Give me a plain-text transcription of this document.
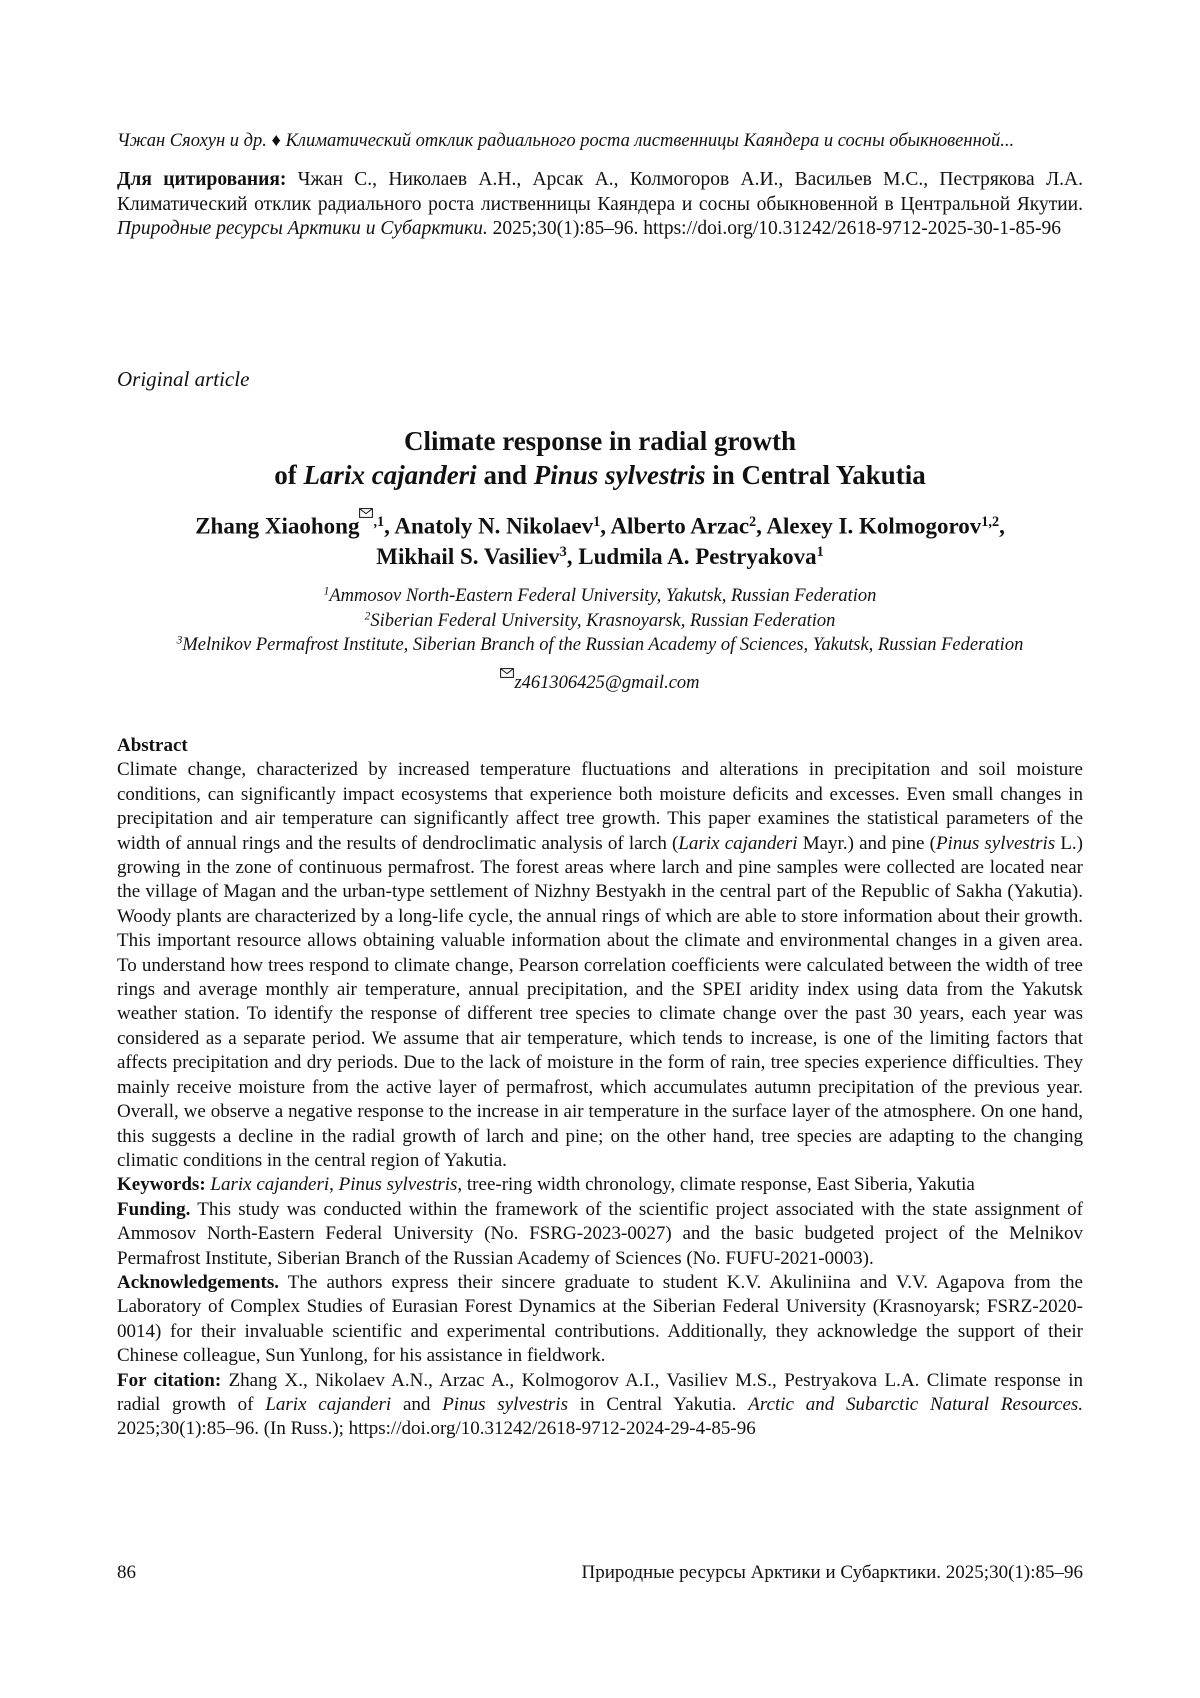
Чжан Сяохун и др. ♦ Климатический отклик радиального роста лиственницы Каяндера и сосны обыкновенной...
Для цитирования: Чжан С., Николаев А.Н., Арсак А., Колмогоров А.И., Васильев М.С., Пестрякова Л.А. Климатический отклик радиального роста лиственницы Каяндера и сосны обыкновенной в Центральной Якутии. Природные ресурсы Арктики и Субарктики. 2025;30(1):85–96. https://doi.org/10.31242/2618-9712-2025-30-1-85-96
Original article
Climate response in radial growth
of Larix cajanderi and Pinus sylvestris in Central Yakutia
Zhang Xiaohong $^{,1}$, Anatoly N. Nikolaev$^1$, Alberto Arzac$^2$, Alexey I. Kolmogorov$^{1,2}$,
Mikhail S. Vasiliev$^3$, Ludmila A. Pestryakova$^1$
$^1$Ammosov North-Eastern Federal University, Yakutsk, Russian Federation
$^2$Siberian Federal University, Krasnoyarsk, Russian Federation
$^3$Melnikov Permafrost Institute, Siberian Branch of the Russian Academy of Sciences, Yakutsk, Russian Federation
z461306425@gmail.com

Abstract

Climate change, characterized by increased temperature fluctuations and alterations in precipitation and soil moisture conditions, can significantly impact ecosystems that experience both moisture deficits and excesses. Even small changes in precipitation and air temperature can significantly affect tree growth. This paper examines the statistical parameters of the width of annual rings and the results of dendroclimatic analysis of larch (Larix cajanderi Mayr.) and pine (Pinus sylvestris L.) growing in the zone of continuous permafrost. The forest areas where larch and pine samples were collected are located near the village of Magan and the urban-type settlement of Nizhny Bestyakh in the central part of the Republic of Sakha (Yakutia). Woody plants are characterized by a long-life cycle, the annual rings of which are able to store information about their growth. This important resource allows obtaining valuable information about the climate and environmental changes in a given area. To understand how trees respond to climate change, Pearson correlation coefficients were calculated between the width of tree rings and average monthly air temperature, annual precipitation, and the SPEI aridity index using data from the Yakutsk weather station. To identify the response of different tree species to climate change over the past 30 years, each year was considered as a separate period. We assume that air temperature, which tends to increase, is one of the limiting factors that affects precipitation and dry periods. Due to the lack of moisture in the form of rain, tree species experience difficulties. They mainly receive moisture from the active layer of permafrost, which accumulates autumn precipitation of the previous year. Overall, we observe a negative response to the increase in air temperature in the surface layer of the atmosphere. On one hand, this suggests a decline in the radial growth of larch and pine; on the other hand, tree species are adapting to the changing climatic conditions in the central region of Yakutia.

Keywords: Larix cajanderi, Pinus sylvestris, tree-ring width chronology, climate response, East Siberia, Yakutia

Funding. This study was conducted within the framework of the scientific project associated with the state assignment of Ammosov North-Eastern Federal University (No. FSRG-2023-0027) and the basic budgeted project of the Melnikov Permafrost Institute, Siberian Branch of the Russian Academy of Sciences (No. FUFU-2021-0003).

Acknowledgements. The authors express their sincere graduate to student K.V. Akuliniina and V.V. Agapova from the Laboratory of Complex Studies of Eurasian Forest Dynamics at the Siberian Federal University (Krasnoyarsk; FSRZ-2020-0014) for their invaluable scientific and experimental contributions. Additionally, they acknowledge the support of their Chinese colleague, Sun Yunlong, for his assistance in fieldwork.

For citation: Zhang X., Nikolaev A.N., Arzac A., Kolmogorov A.I., Vasiliev M.S., Pestryakova L.A. Climate response in radial growth of Larix cajanderi and Pinus sylvestris in Central Yakutia. Arctic and Subarctic Natural Resources. 2025;30(1):85–96. (In Russ.); https://doi.org/10.31242/2618-9712-2024-29-4-85-96

86	Природные ресурсы Арктики и Субарктики. 2025;30(1):85–96
